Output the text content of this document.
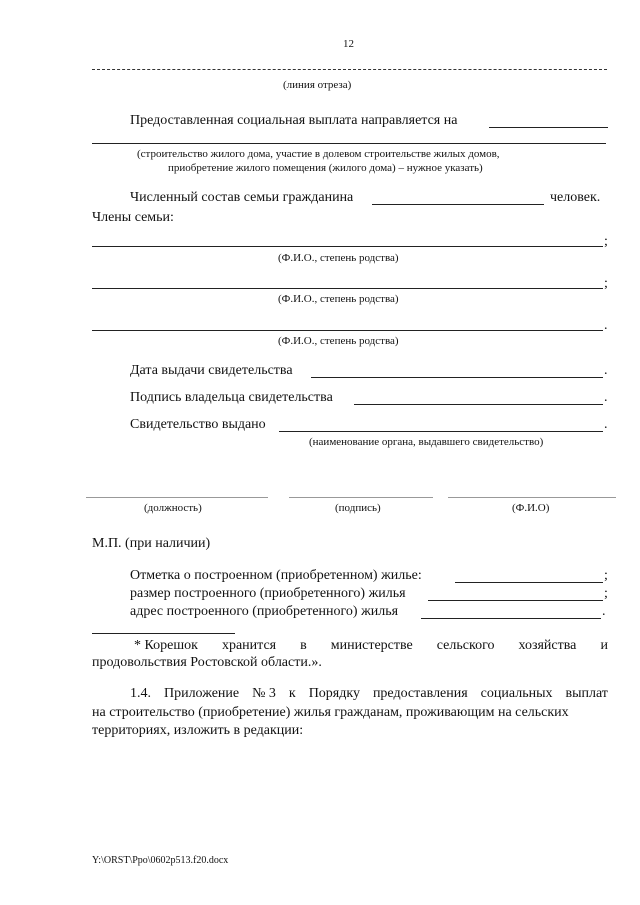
12
(линия отреза)
Предоставленная социальная выплата направляется на
(строительство жилого дома, участие в долевом строительстве жилых домов,
приобретение жилого помещения (жилого дома) – нужное указать)
Численный состав семьи гражданина	человек.
Члены семьи:
;
(Ф.И.О., степень родства)
;
(Ф.И.О., степень родства)
.
(Ф.И.О., степень родства)
Дата выдачи свидетельства	.
Подпись владельца свидетельства	.
Свидетельство выдано	.
(наименование органа, выдавшего свидетельство)
(должность)	(подпись)	(Ф.И.О)
М.П. (при наличии)
Отметка о построенном (приобретенном) жилье:	;
размер построенного (приобретенного) жилья	;
адрес построенного (приобретенного) жилья	.
* Корешок хранится в министерстве сельского хозяйства и
продовольствия Ростовской области.».
1.4. Приложение № 3 к Порядку предоставления социальных выплат
на строительство (приобретение) жилья гражданам, проживающим на сельских
территориях, изложить в редакции:
Y:\ORST\Ppo\0602p513.f20.docx
